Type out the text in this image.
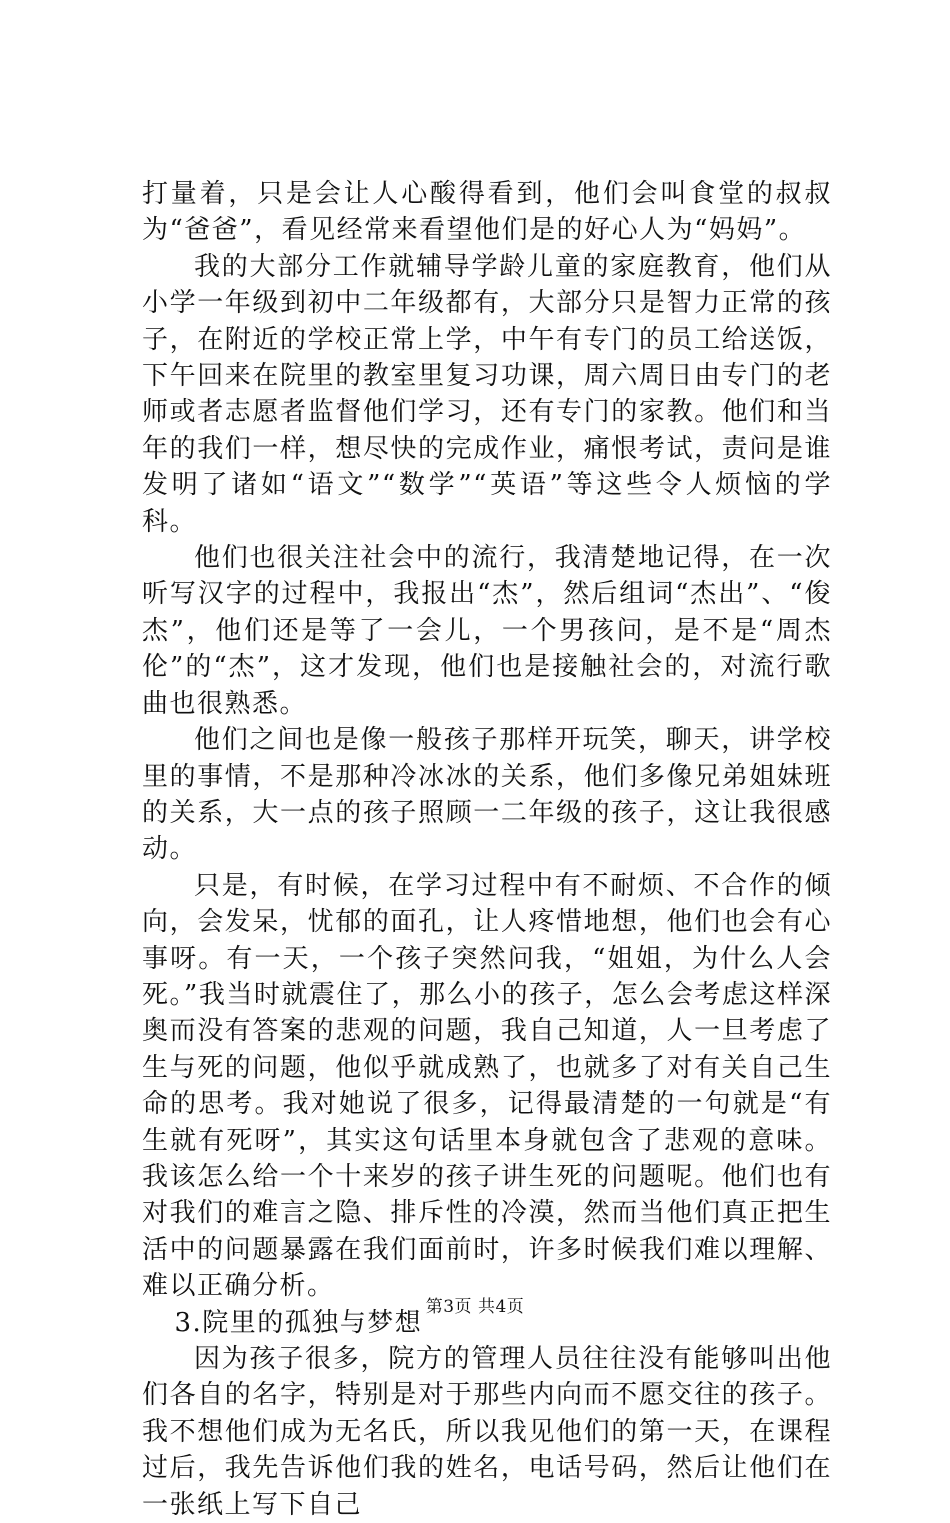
打量着，只是会让人心酸得看到，他们会叫食堂的叔叔为“爸爸”，看见经常来看望他们是的好心人为“妈妈”。

我的大部分工作就辅导学龄儿童的家庭教育，他们从小学一年级到初中二年级都有，大部分只是智力正常的孩子，在附近的学校正常上学，中午有专门的员工给送饭，下午回来在院里的教室里复习功课，周六周日由专门的老师或者志愿者监督他们学习，还有专门的家教。他们和当年的我们一样，想尽快的完成作业，痛恨考试，责问是谁发明了诸如“语文”“数学”“英语”等这些令人烦恼的学科。

他们也很关注社会中的流行，我清楚地记得，在一次听写汉字的过程中，我报出“杰”，然后组词“杰出”、“俊杰”，他们还是等了一会儿，一个男孩问，是不是“周杰伦”的“杰”，这才发现，他们也是接触社会的，对流行歌曲也很熟悉。

他们之间也是像一般孩子那样开玩笑，聊天，讲学校里的事情，不是那种冷冰冰的关系，他们多像兄弟姐妹班的关系，大一点的孩子照顾一二年级的孩子，这让我很感动。

只是，有时候，在学习过程中有不耐烦、不合作的倾向，会发呆，忧郁的面孔，让人疼惜地想，他们也会有心事呀。有一天，一个孩子突然问我，“姐姐，为什么人会死。”我当时就震住了，那么小的孩子，怎么会考虑这样深奥而没有答案的悲观的问题，我自己知道，人一旦考虑了生与死的问题，他似乎就成熟了，也就多了对有关自己生命的思考。我对她说了很多，记得最清楚的一句就是“有生就有死呀”，其实这句话里本身就包含了悲观的意味。我该怎么给一个十来岁的孩子讲生死的问题呢。他们也有对我们的难言之隐、排斥性的冷漠，然而当他们真正把生活中的问题暴露在我们面前时，许多时候我们难以理解、难以正确分析。

3.院里的孤独与梦想

因为孩子很多，院方的管理人员往往没有能够叫出他们各自的名字，特别是对于那些内向而不愿交往的孩子。我不想他们成为无名氏，所以我见他们的第一天，在课程过后，我先告诉他们我的姓名，电话号码，然后让他们在一张纸上写下自己

第3页 共4页
